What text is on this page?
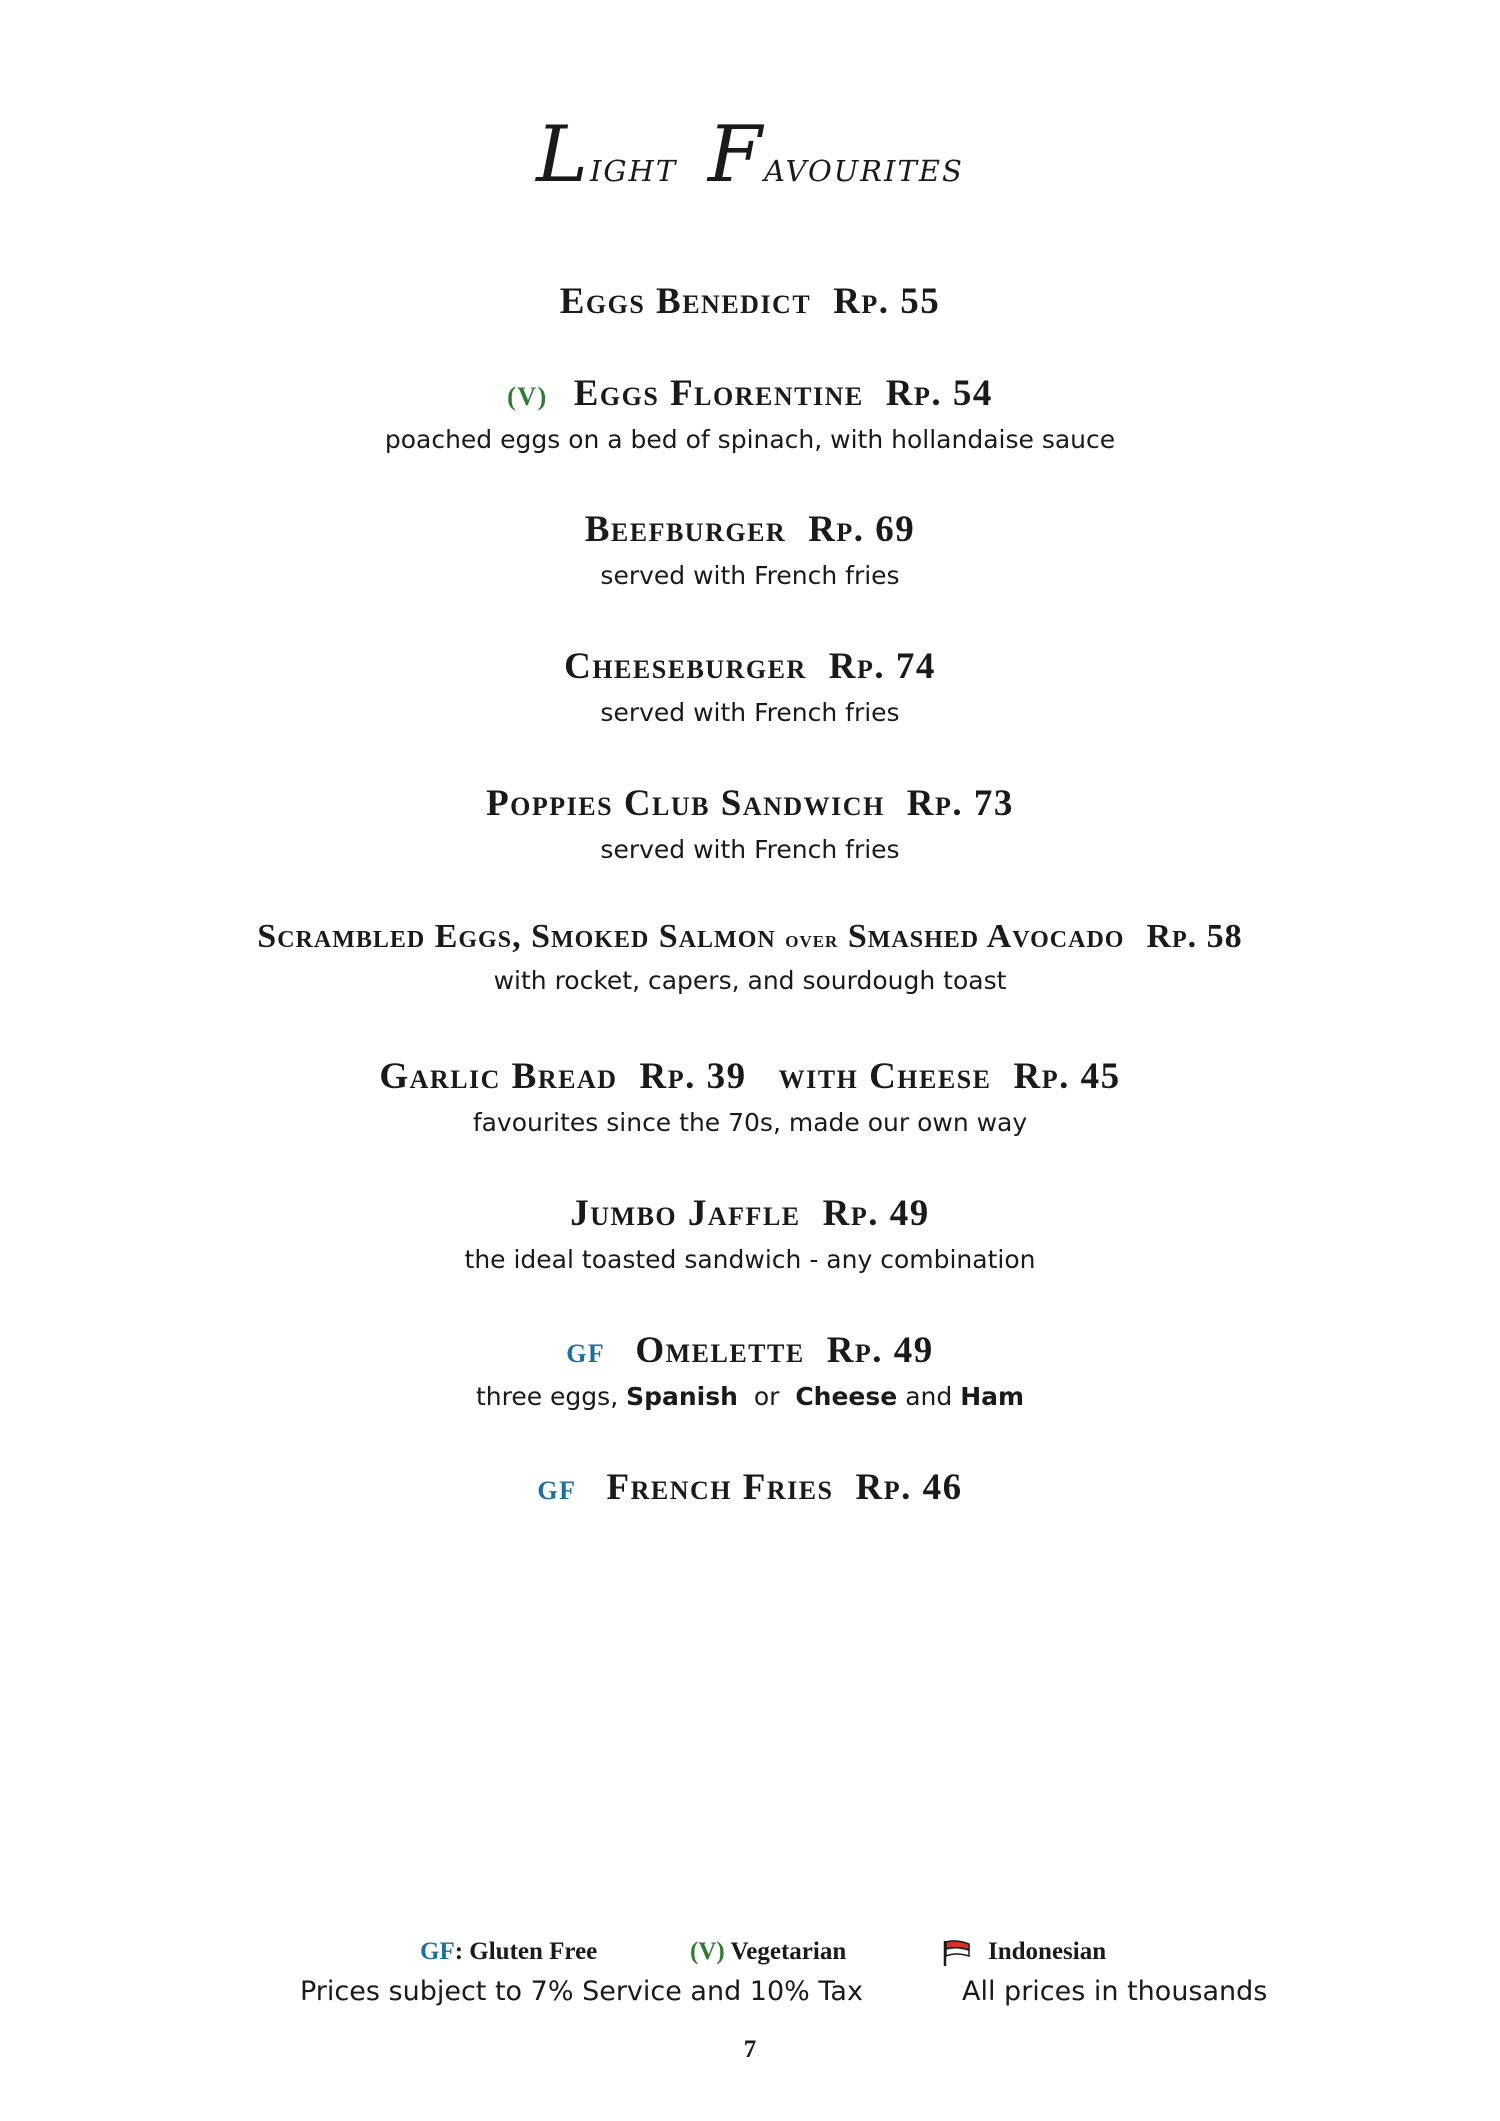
Light Favourites
Eggs Benedict Rp. 55
(V) Eggs Florentine Rp. 54
poached eggs on a bed of spinach, with hollandaise sauce
Beefburger Rp. 69
served with French fries
Cheeseburger Rp. 74
served with French fries
Poppies Club Sandwich Rp. 73
served with French fries
Scrambled Eggs, Smoked Salmon over Smashed Avocado Rp. 58
with rocket, capers, and sourdough toast
Garlic Bread Rp. 39 with Cheese Rp. 45
favourites since the 70s, made our own way
Jumbo Jaffle Rp. 49
the ideal toasted sandwich - any combination
GF Omelette Rp. 49
three eggs, Spanish or Cheese and Ham
GF French Fries Rp. 46
GF: Gluten Free	(V) Vegetarian	Indonesian
Prices subject to 7% Service and 10% Tax	All prices in thousands
7
